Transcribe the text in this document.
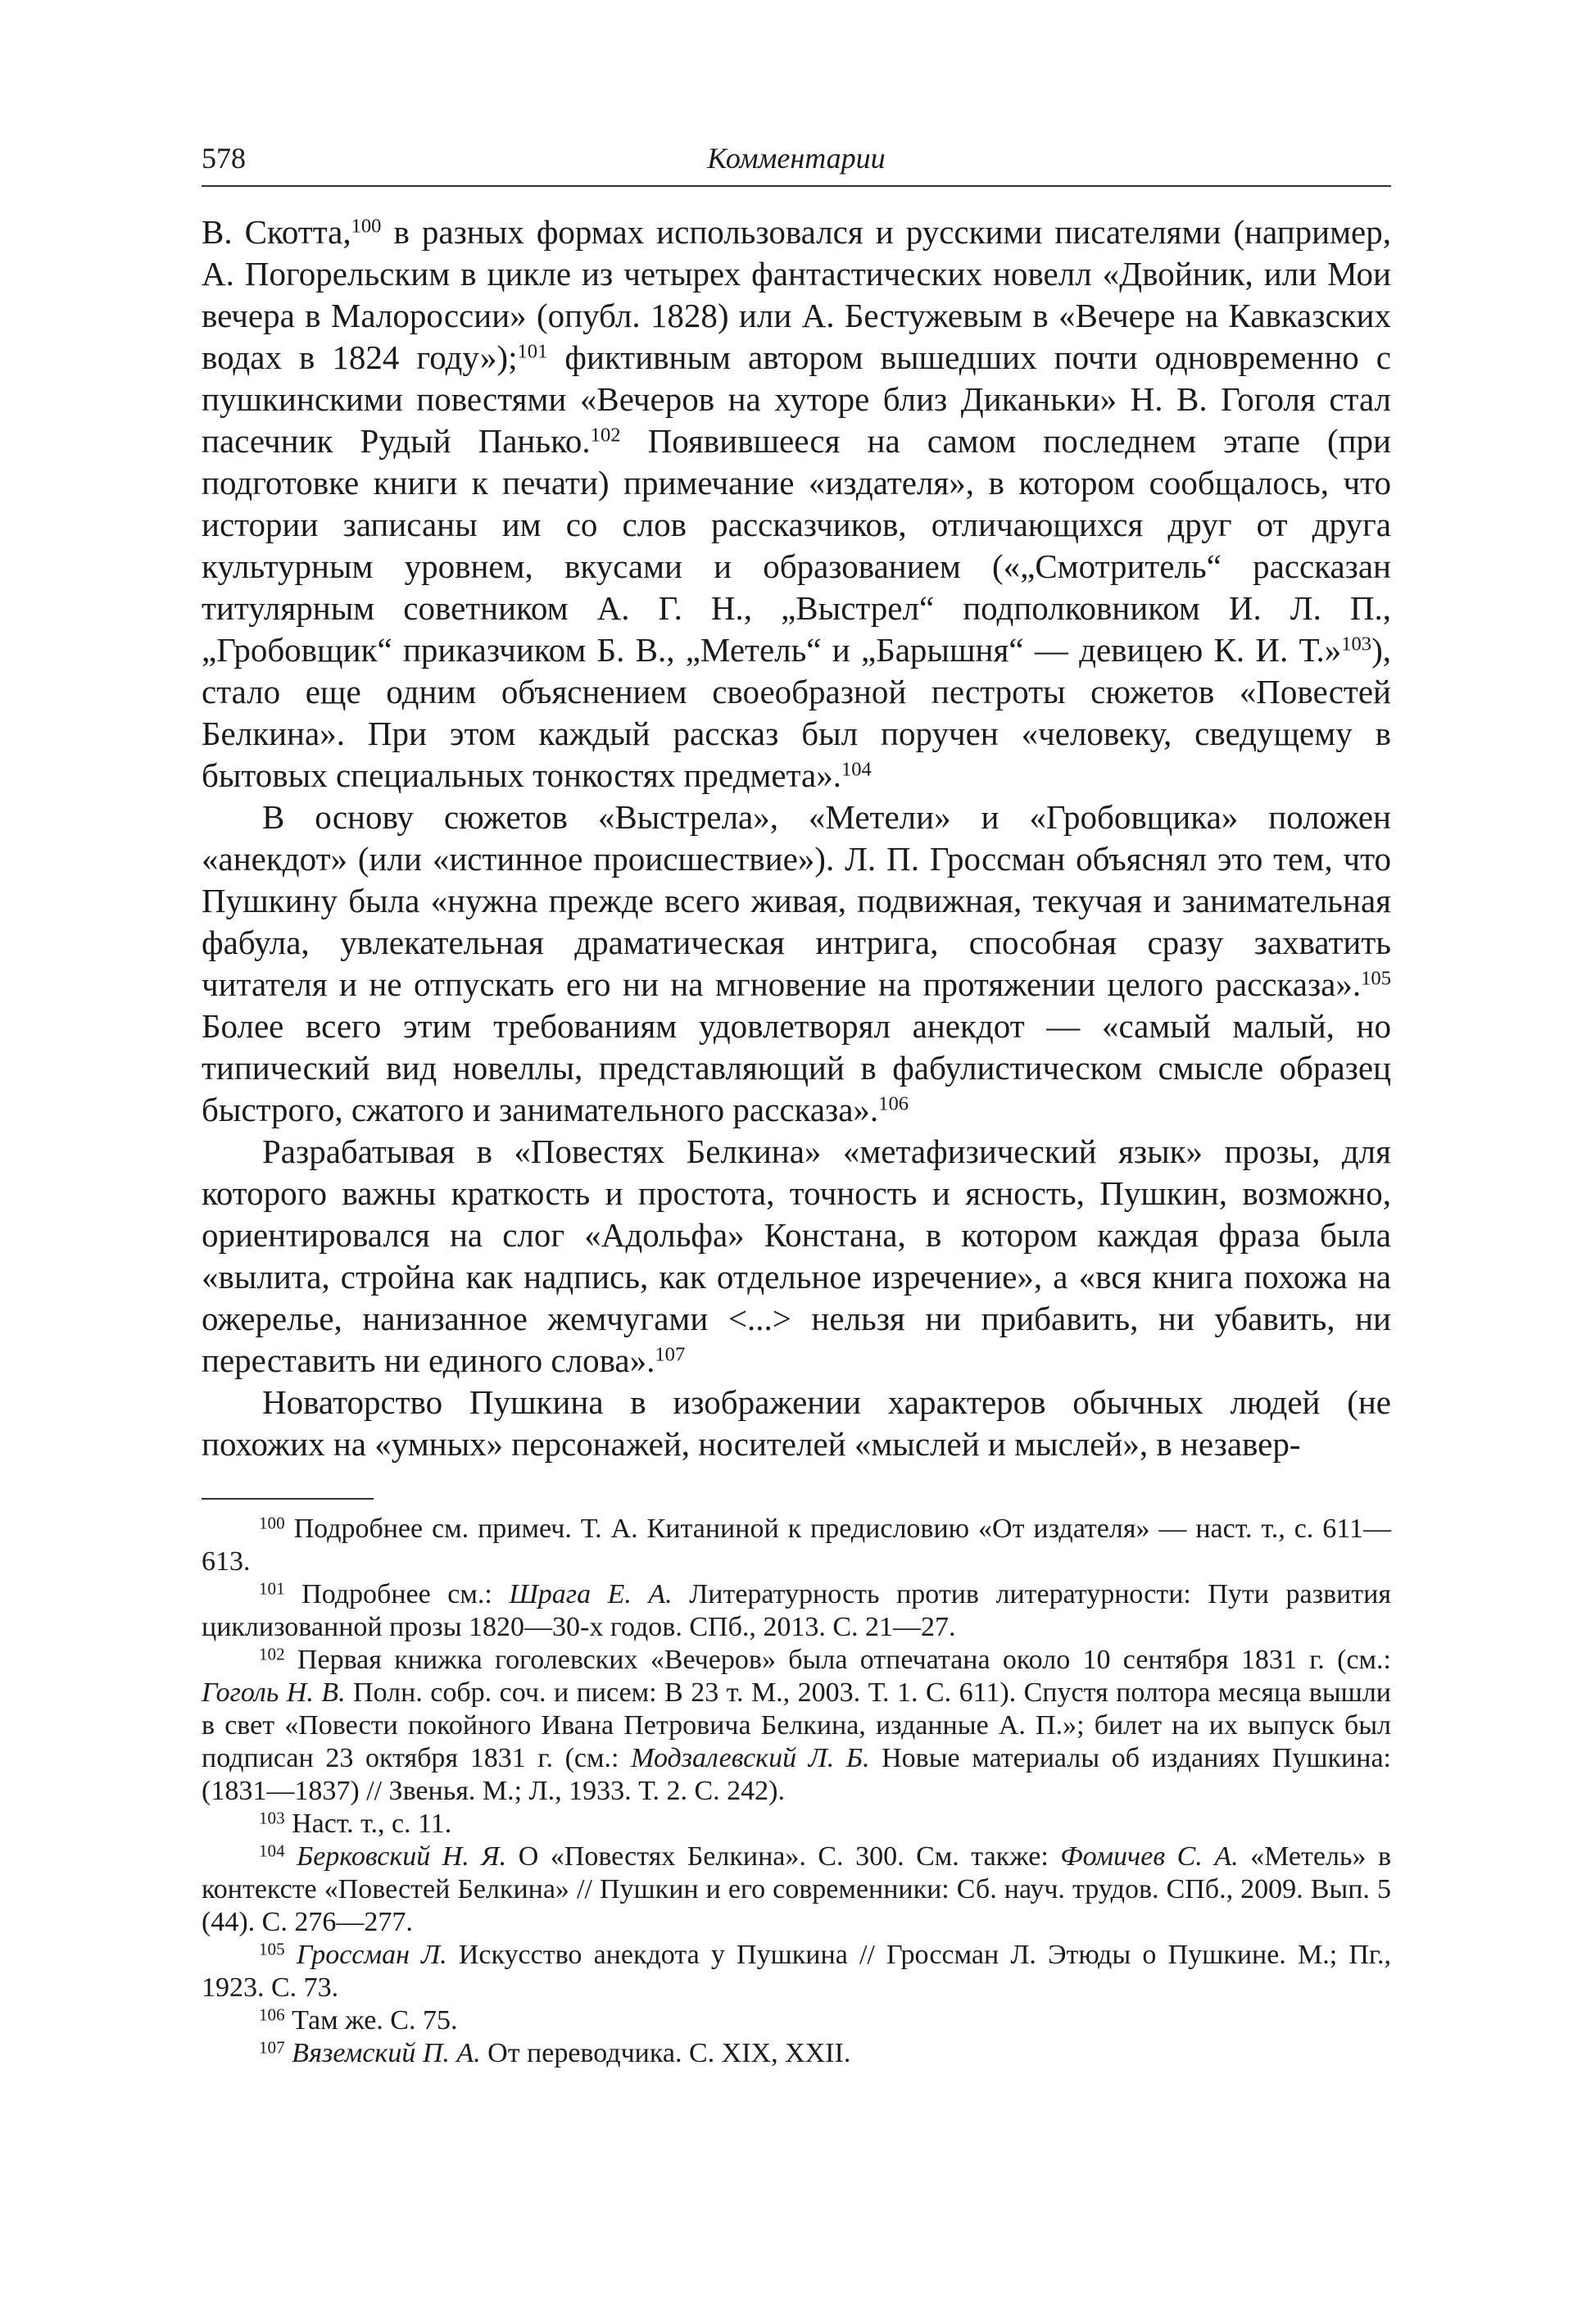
578	Комментарии

В. Скотта,$^{100}$ в разных формах использовался и русскими писателями (например, А. Погорельским в цикле из четырех фантастических новелл «Двойник, или Мои вечера в Малороссии» (опубл. 1828) или А. Бестужевым в «Вечере на Кавказских водах в 1824 году»);$^{101}$ фиктивным автором вышедших почти одновременно с пушкинскими повестями «Вечеров на хуторе близ Диканьки» Н. В. Гоголя стал пасечник Рудый Панько.$^{102}$ Появившееся на самом последнем этапе (при подготовке книги к печати) примечание «издателя», в котором сообщалось, что истории записаны им со слов рассказчиков, отличающихся друг от друга культурным уровнем, вкусами и образованием («„Смотритель“ рассказан титулярным советником А. Г. Н., „Выстрел“ подполковником И. Л. П., „Гробовщик“ приказчиком Б. В., „Метель“ и „Барышня“ — девицею К. И. Т.»$^{103}$), стало еще одним объяснением своеобразной пестроты сюжетов «Повестей Белкина». При этом каждый рассказ был поручен «человеку, сведущему в бытовых специальных тонкостях предмета».$^{104}$

В основу сюжетов «Выстрела», «Метели» и «Гробовщика» положен «анекдот» (или «истинное происшествие»). Л. П. Гроссман объяснял это тем, что Пушкину была «нужна прежде всего живая, подвижная, текучая и занимательная фабула, увлекательная драматическая интрига, способная сразу захватить читателя и не отпускать его ни на мгновение на протяжении целого рассказа».$^{105}$ Более всего этим требованиям удовлетворял анекдот — «самый малый, но типический вид новеллы, представляющий в фабулистическом смысле образец быстрого, сжатого и занимательного рассказа».$^{106}$

Разрабатывая в «Повестях Белкина» «метафизический язык» прозы, для которого важны краткость и простота, точность и ясность, Пушкин, возможно, ориентировался на слог «Адольфа» Констана, в котором каждая фраза была «вылита, стройна как надпись, как отдельное изречение», а «вся книга похожа на ожерелье, нанизанное жемчугами <...> нельзя ни прибавить, ни убавить, ни переставить ни единого слова».$^{107}$

Новаторство Пушкина в изображении характеров обычных людей (не похожих на «умных» персонажей, носителей «мыслей и мыслей», в незавер-

$^{100}$ Подробнее см. примеч. Т. А. Китаниной к предисловию «От издателя» — наст. т., с. 611—613.

$^{101}$ Подробнее см.: Шрага Е. А. Литературность против литературности: Пути развития циклизованной прозы 1820—30-х годов. СПб., 2013. С. 21—27.

$^{102}$ Первая книжка гоголевских «Вечеров» была отпечатана около 10 сентября 1831 г. (см.: Гоголь Н. В. Полн. собр. соч. и писем: В 23 т. М., 2003. Т. 1. С. 611). Спустя полтора месяца вышли в свет «Повести покойного Ивана Петровича Белкина, изданные А. П.»; билет на их выпуск был подписан 23 октября 1831 г. (см.: Модзалевский Л. Б. Новые материалы об изданиях Пушкина: (1831—1837) // Звенья. М.; Л., 1933. Т. 2. С. 242).

$^{103}$ Наст. т., с. 11.

$^{104}$ Берковский Н. Я. О «Повестях Белкина». С. 300. См. также: Фомичев С. А. «Метель» в контексте «Повестей Белкина» // Пушкин и его современники: Сб. науч. трудов. СПб., 2009. Вып. 5 (44). С. 276—277.

$^{105}$ Гроссман Л. Искусство анекдота у Пушкина // Гроссман Л. Этюды о Пушкине. М.; Пг., 1923. С. 73.

$^{106}$ Там же. С. 75.

$^{107}$ Вяземский П. А. От переводчика. С. XIX, XXII.
